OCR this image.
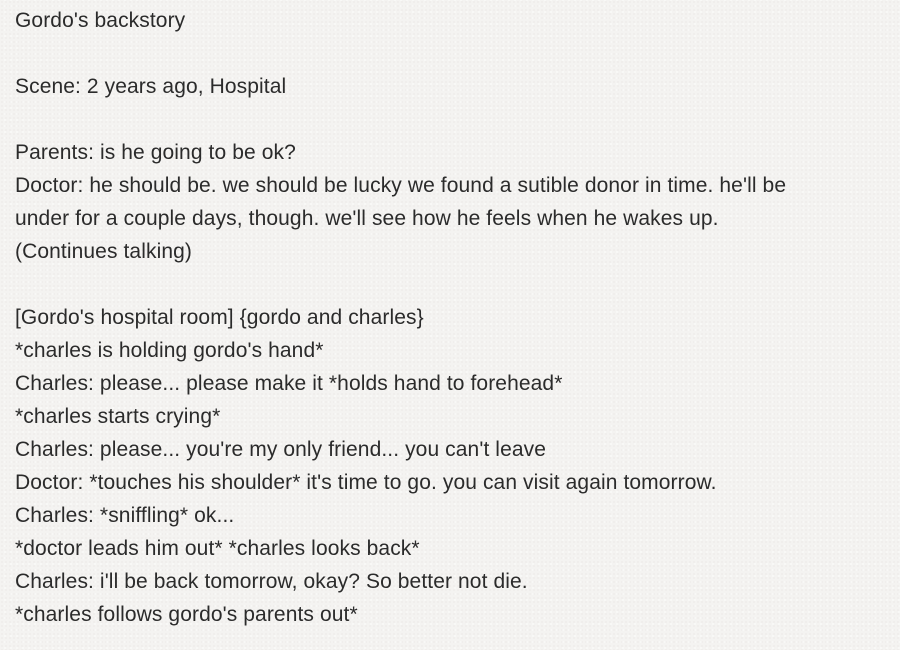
Gordo's backstory
Scene: 2 years ago, Hospital
Parents: is he going to be ok?
Doctor: he should be. we should be lucky we found a sutible donor in time. he'll be
under for a couple days, though. we'll see how he feels when he wakes up.
(Continues talking)
[Gordo's hospital room] {gordo and charles}
*charles is holding gordo's hand*
Charles: please... please make it *holds hand to forehead*
*charles starts crying*
Charles: please... you're my only friend... you can't leave
Doctor: *touches his shoulder* it's time to go. you can visit again tomorrow.
Charles: *sniffling* ok...
*doctor leads him out* *charles looks back*
Charles: i'll be back tomorrow, okay? So better not die.
*charles follows gordo's parents out*
